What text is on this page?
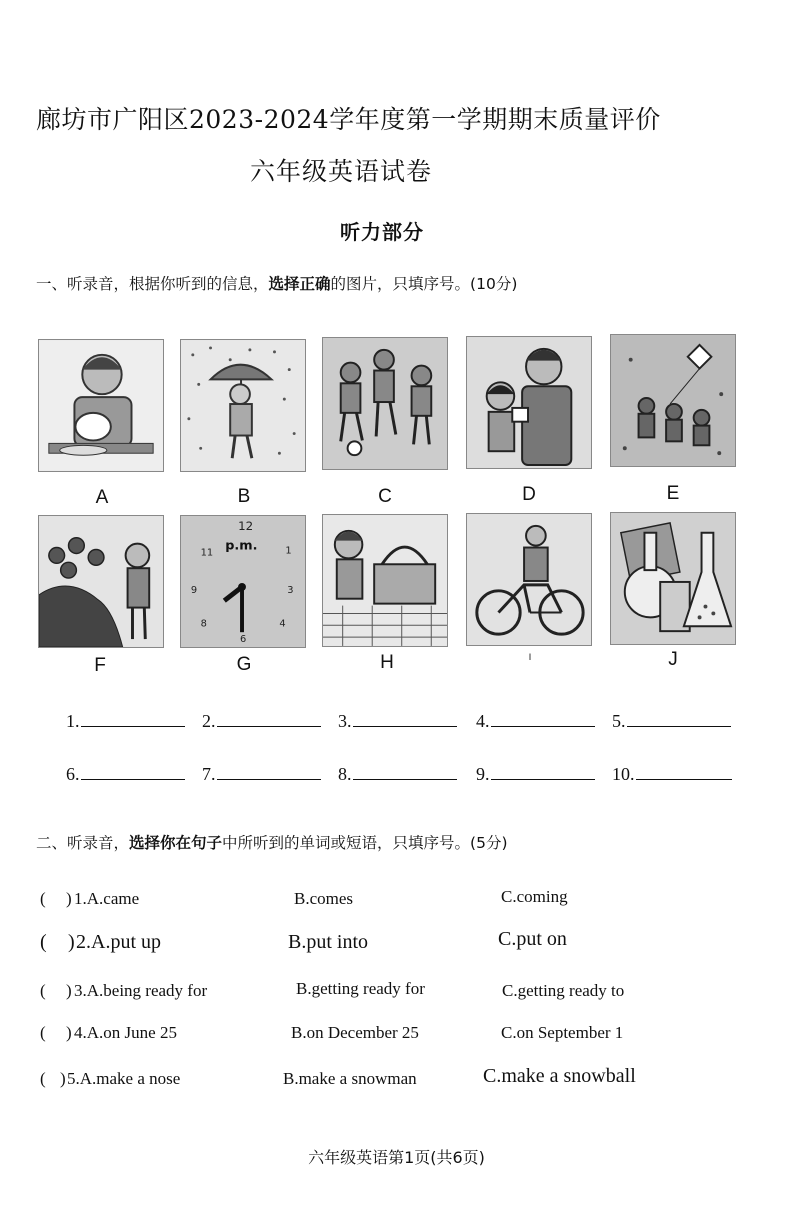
廊坊市广阳区2023-2024学年度第一学期期末质量评价
六年级英语试卷
听力部分
一、听录音，根据你听到的信息，选择正确的图片，只填序号。(10分)
A	B	C	D	E
F
12
11	1
3
9
8	4
6
p.m.
G	H	I	J
1.	2.	3.	4.	5.
6.	7.	8.	9.	10.
二、听录音，选择你在句子中所听到的单词或短语，只填序号。(5分)
( ) 1.A.came	B.comes	C.coming
( ) 2.A.put up	B.put into	C.put on
( ) 3.A.being ready for	B.getting ready for	C.getting ready to
( ) 4.A.on June 25	B.on December 25	C.on September 1
( ) 5.A.make a nose	B.make a snowman	C.make a snowball
六年级英语第1页(共6页)
